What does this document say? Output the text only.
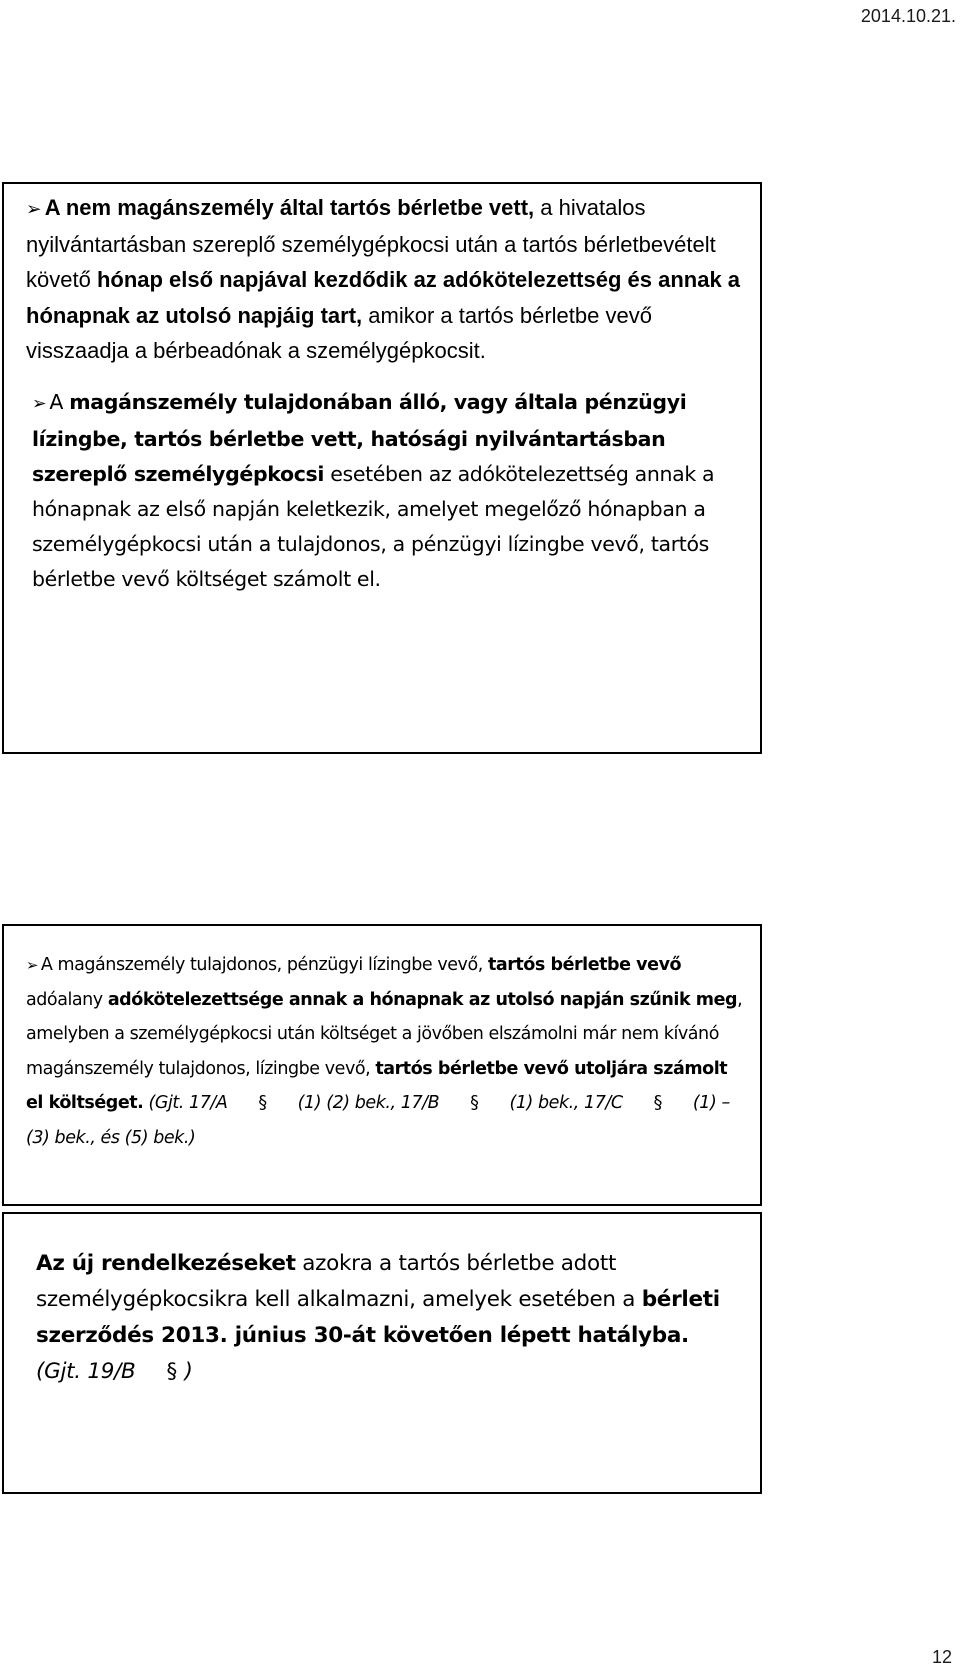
2014.10.21.

➢ A nem magánszemély által tartós bérletbe vett, a hivatalos nyilvántartásban szereplő személygépkocsi után a tartós bérletbevételt követő hónap első napjával kezdődik az adókötelezettség és annak a hónapnak az utolsó napjáig tart, amikor a tartós bérletbe vevő visszaadja a bérbeadónak a személygépkocsit.

➢ A magánszemély tulajdonában álló, vagy általa pénzügyi lízingbe, tartós bérletbe vett, hatósági nyilvántartásban szereplő személygépkocsi esetében az adókötelezettség annak a hónapnak az első napján keletkezik, amelyet megelőző hónapban a személygépkocsi után a tulajdonos, a pénzügyi lízingbe vevő, tartós bérletbe vevő költséget számolt el.

➢ A magánszemély tulajdonos, pénzügyi lízingbe vevő, tartós bérletbe vevő adóalany adókötelezettsége annak a hónapnak az utolsó napján szűnik meg, amelyben a személygépkocsi után költséget a jövőben elszámolni már nem kívánó magánszemély tulajdonos, lízingbe vevő, tartós bérletbe vevő utoljára számolt el költséget. (Gjt. 17/A § (1) (2) bek., 17/B § (1) bek., 17/C § (1) – (3) bek., és (5) bek.)

Az új rendelkezéseket azokra a tartós bérletbe adott személygépkocsikra kell alkalmazni, amelyek esetében a bérleti szerződés 2013. június 30-át követően lépett hatályba.
(Gjt. 19/B § )

12
